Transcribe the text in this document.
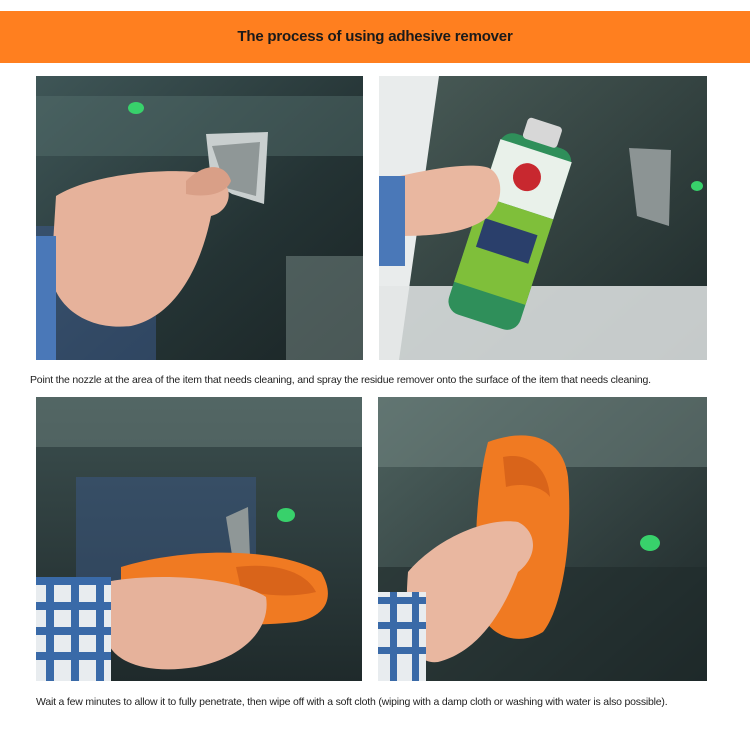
The process of using adhesive remover
Point the nozzle at the area of the item that needs cleaning, and spray the residue remover onto the surface of the item that needs cleaning.
Wait a few minutes to allow it to fully penetrate, then wipe off with a soft cloth (wiping with a damp cloth or washing with water is also possible).
